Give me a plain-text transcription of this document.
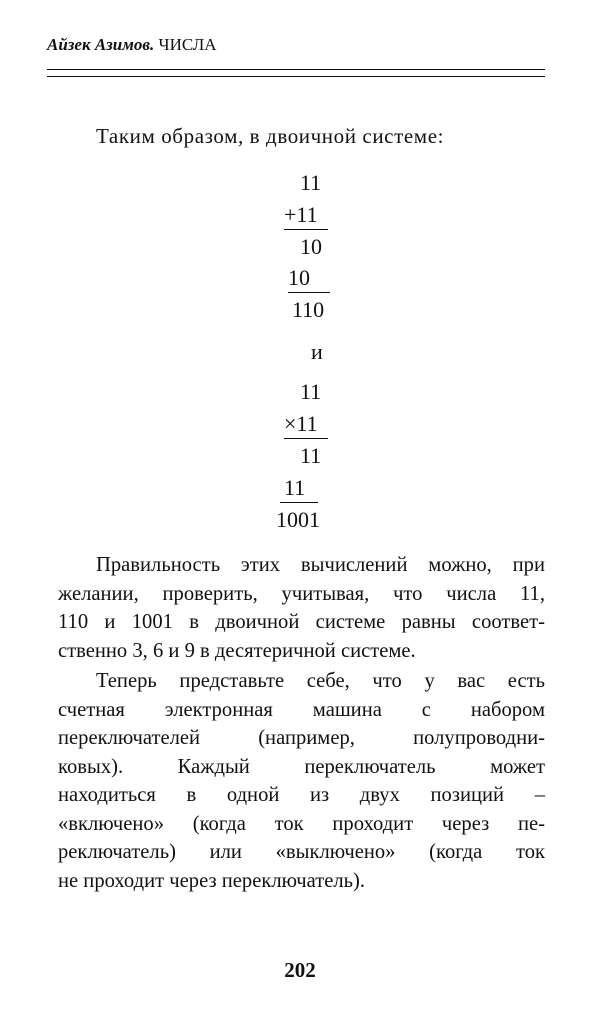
Айзек Азимов. ЧИСЛА
Таким образом, в двоичной системе:
11
+11
10
10
110
и
11
×11
11
11
1001
Правильность этих вычислений можно, при
желании, проверить, учитывая, что числа 11,
110 и 1001 в двоичной системе равны соответ-
ственно 3, 6 и 9 в десятеричной системе.
Теперь представьте себе, что у вас есть
счетная электронная машина с набором
переключателей (например, полупроводни-
ковых). Каждый переключатель может
находиться в одной из двух позиций –
«включено» (когда ток проходит через пе-
реключатель) или «выключено» (когда ток
не проходит через переключатель).
202
